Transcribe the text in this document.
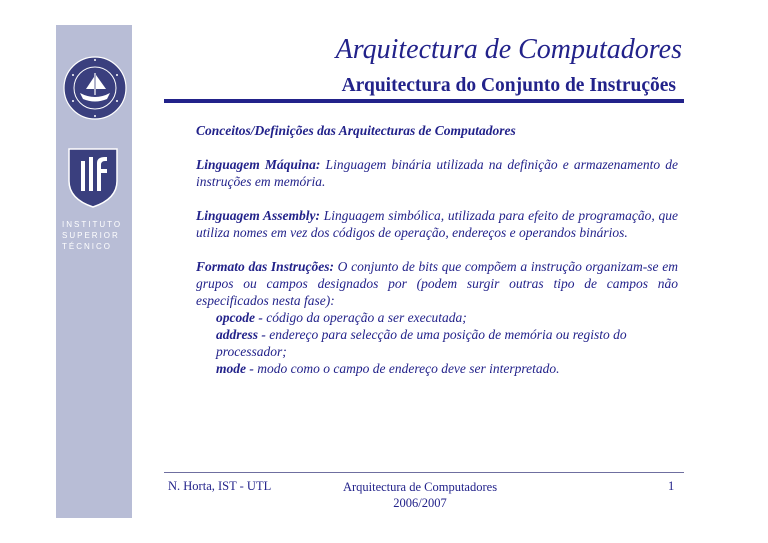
INSTITUTO
SUPERIOR
TÉCNICO
Arquitectura de Computadores
Arquitectura do Conjunto de Instruções
Conceitos/Definições das Arquitecturas de Computadores
Linguagem Máquina: Linguagem binária utilizada na definição e armazenamento de instruções em memória.
Linguagem Assembly: Linguagem simbólica, utilizada para efeito de programação, que utiliza nomes em vez dos códigos de operação, endereços e operandos binários.
Formato das Instruções: O conjunto de bits que compõem a instrução organizam-se em grupos ou campos designados por (podem surgir outras tipo de campos não especificados nesta fase):
opcode - código da operação a ser executada;
address - endereço para selecção de uma posição de memória ou registo do processador;
mode - modo como o campo de endereço deve ser interpretado.
N. Horta, IST - UTL	Arquitectura de Computadores
2006/2007
1
